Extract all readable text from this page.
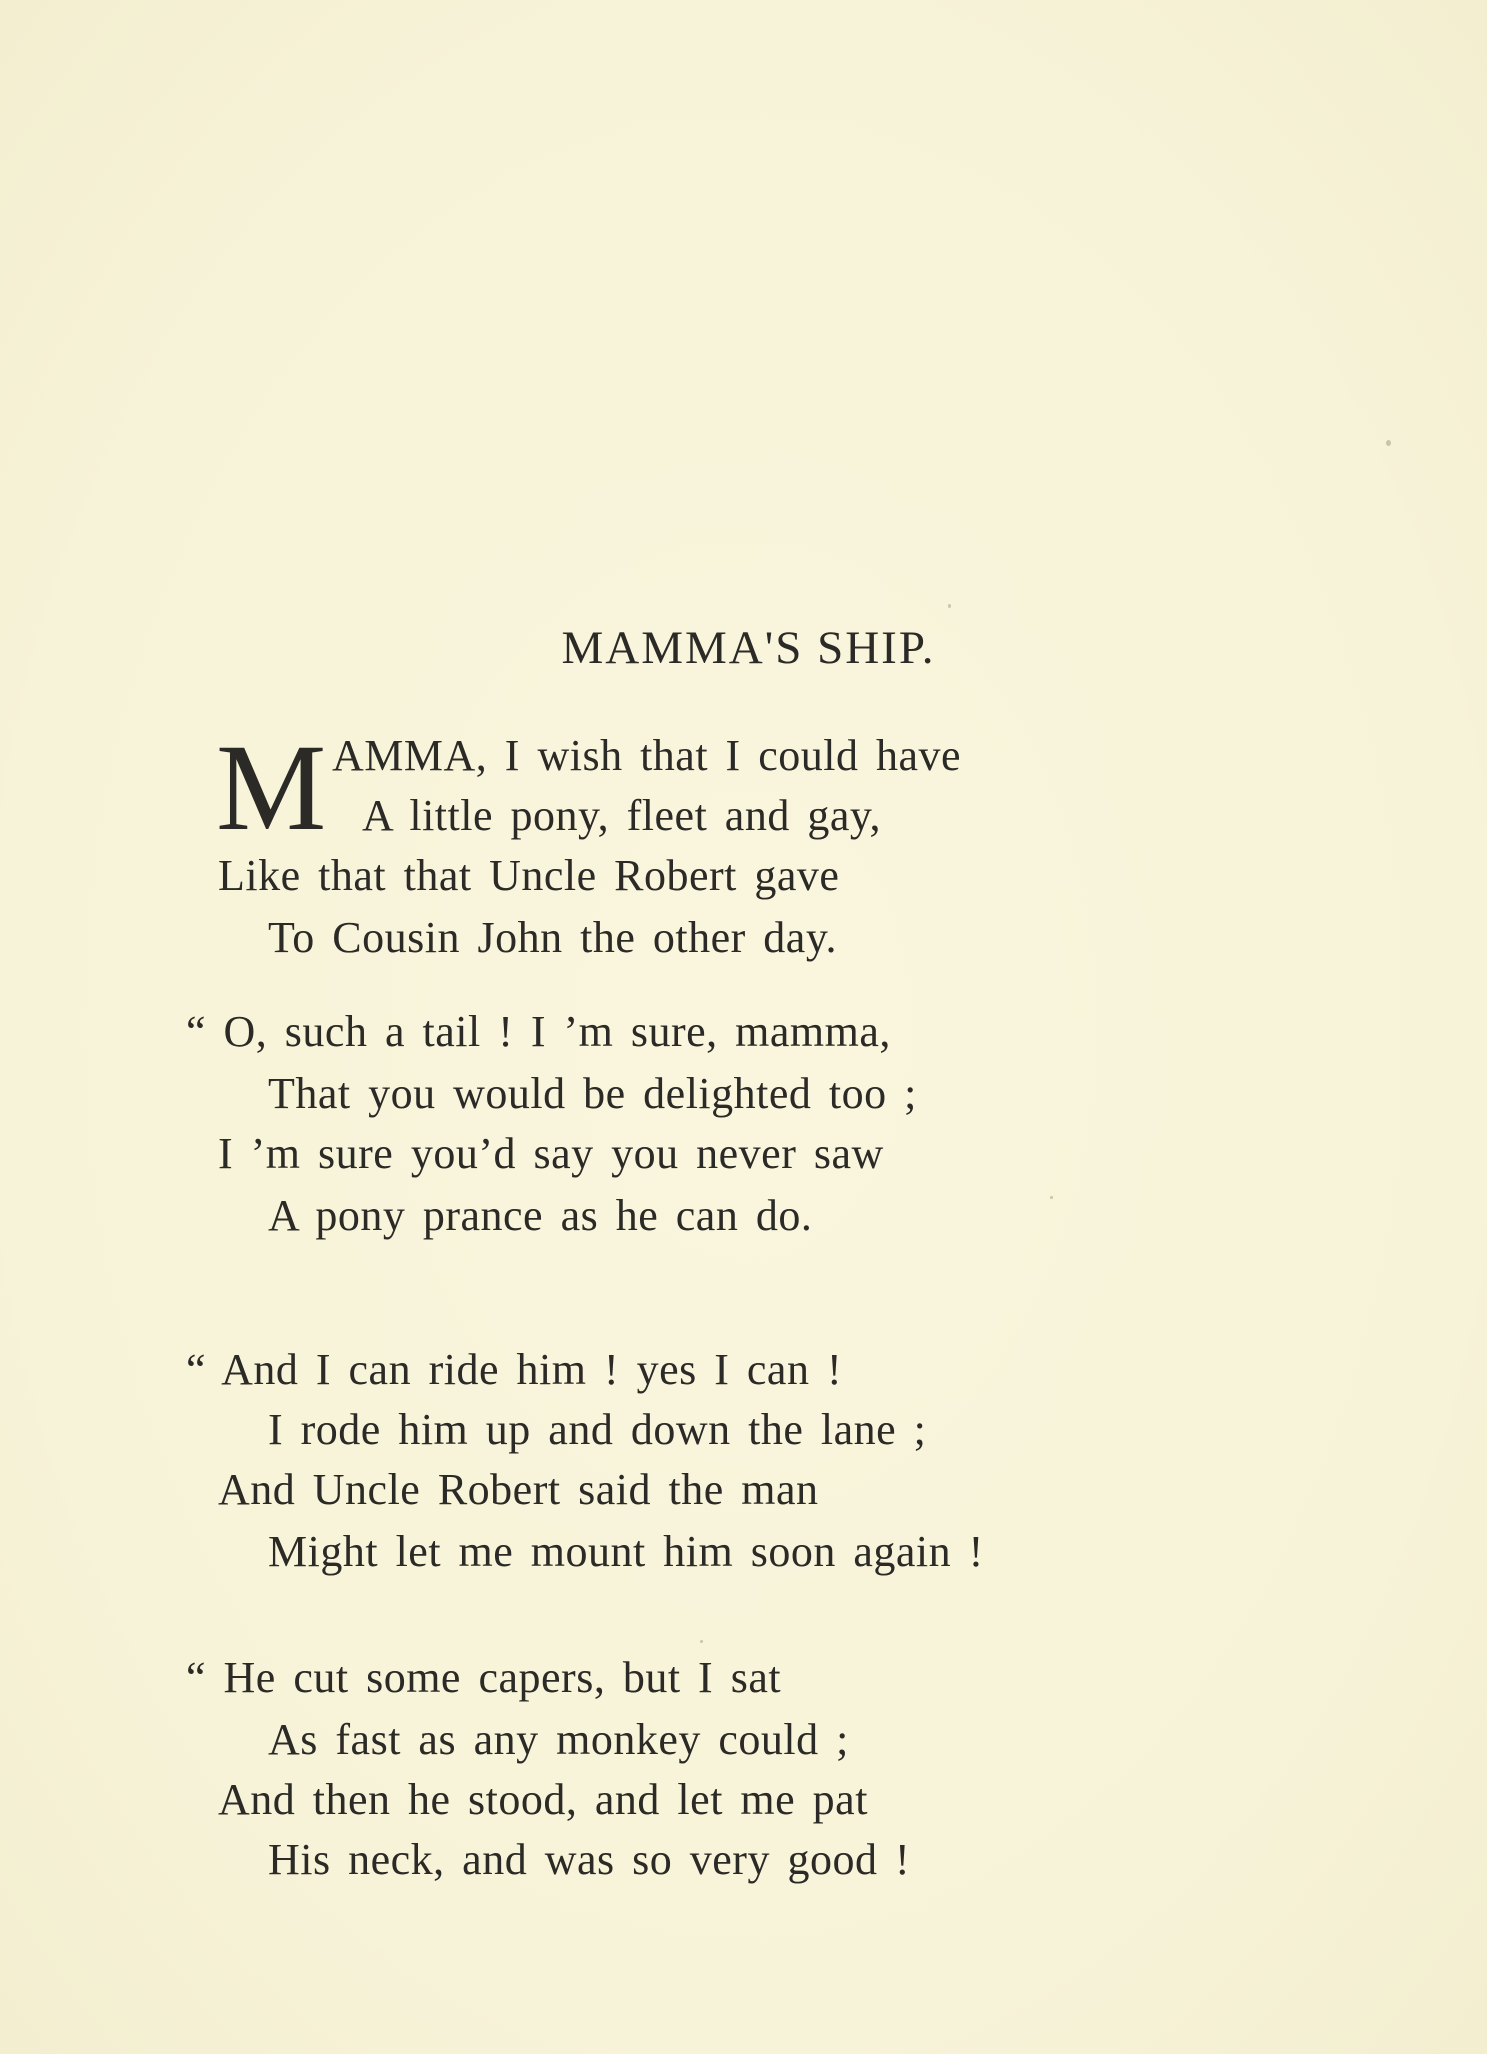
MAMMA'S SHIP.
M AMMA, I wish that I could have
A little pony, fleet and gay,
Like that that Uncle Robert gave
To Cousin John the other day.
“ O, such a tail ! I ’m sure, mamma,
That you would be delighted too ;
I ’m sure you’d say you never saw
A pony prance as he can do.
“ And I can ride him ! yes I can !
I rode him up and down the lane ;
And Uncle Robert said the man
Might let me mount him soon again !
“ He cut some capers, but I sat
As fast as any monkey could ;
And then he stood, and let me pat
His neck, and was so very good !
